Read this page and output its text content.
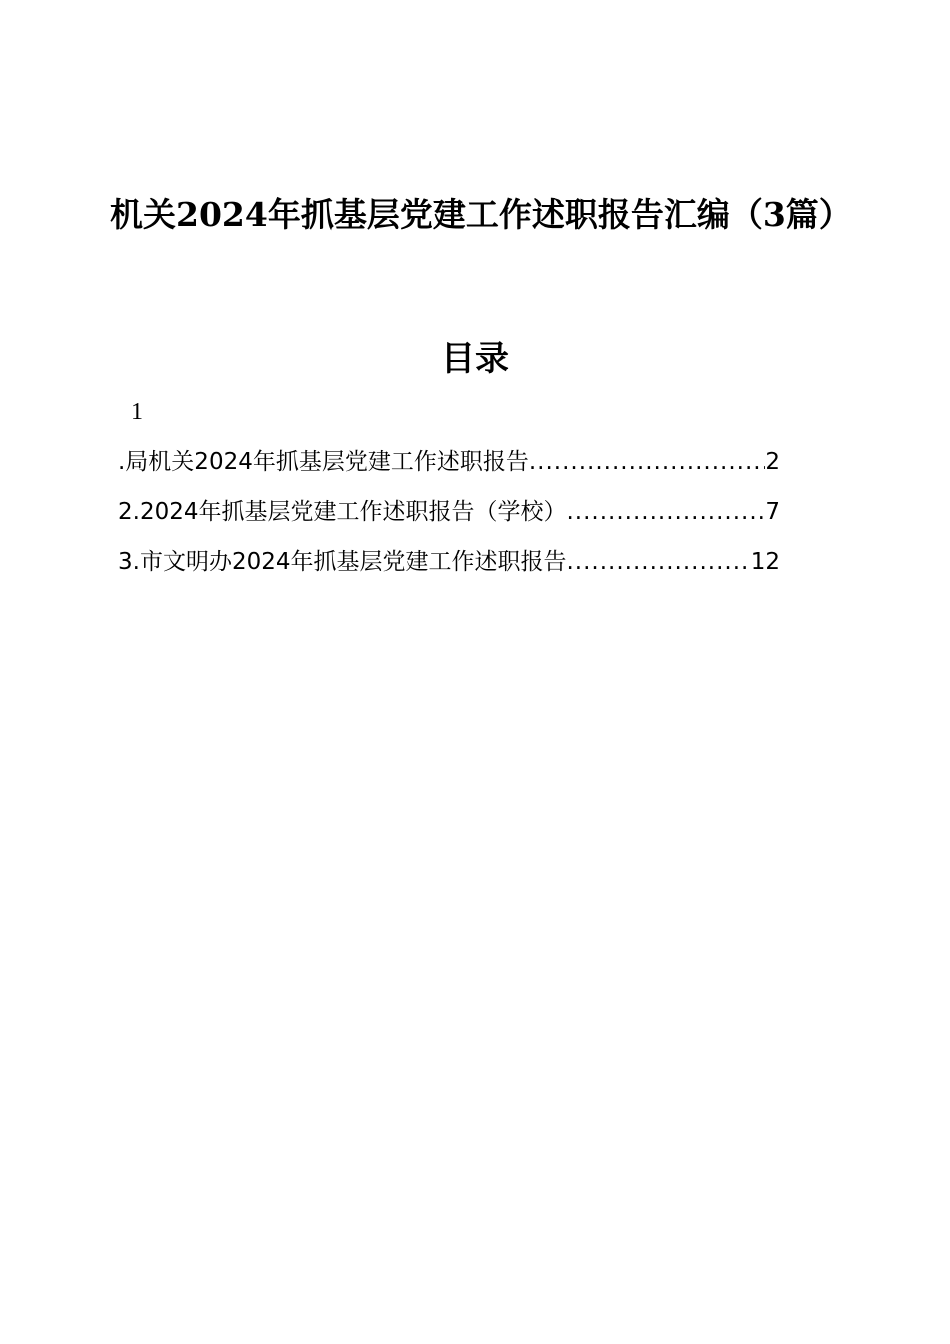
机关2024年抓基层党建工作述职报告汇编（3篇）
目录
1
.局机关2024年抓基层党建工作述职报告 .....	2
2.2024年抓基层党建工作述职报告（学校） .....	7
3.市文明办2024年抓基层党建工作述职报告 .....	12
